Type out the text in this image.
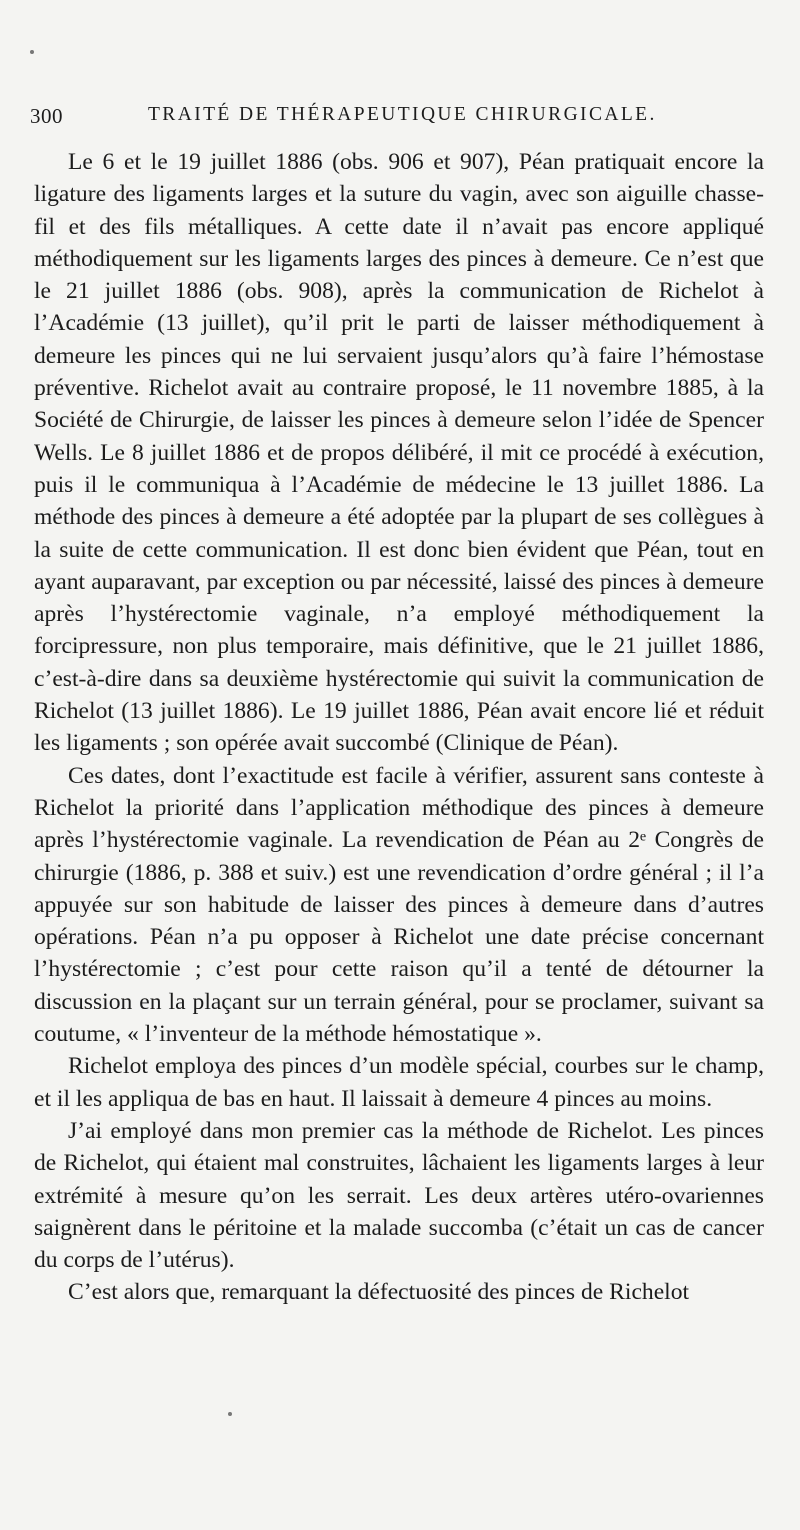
300	TRAITÉ DE THÉRAPEUTIQUE CHIRURGICALE.

Le 6 et le 19 juillet 1886 (obs. 906 et 907), Péan pratiquait encore la ligature des ligaments larges et la suture du vagin, avec son aiguille chasse-fil et des fils métalliques. A cette date il n’avait pas encore appliqué méthodiquement sur les ligaments larges des pinces à demeure. Ce n’est que le 21 juillet 1886 (obs. 908), après la communication de Richelot à l’Académie (13 juillet), qu’il prit le parti de laisser méthodiquement à demeure les pinces qui ne lui servaient jusqu’alors qu’à faire l’hémostase préventive. Richelot avait au contraire proposé, le 11 novembre 1885, à la Société de Chirurgie, de laisser les pinces à demeure selon l’idée de Spencer Wells. Le 8 juillet 1886 et de propos délibéré, il mit ce procédé à exécution, puis il le communiqua à l’Académie de médecine le 13 juillet 1886. La méthode des pinces à demeure a été adoptée par la plupart de ses collègues à la suite de cette communication. Il est donc bien évident que Péan, tout en ayant auparavant, par exception ou par nécessité, laissé des pinces à demeure après l’hystérectomie vaginale, n’a employé méthodiquement la forcipressure, non plus temporaire, mais définitive, que le 21 juillet 1886, c’est-à-dire dans sa deuxième hystérectomie qui suivit la communication de Richelot (13 juillet 1886). Le 19 juillet 1886, Péan avait encore lié et réduit les ligaments ; son opérée avait succombé (Clinique de Péan).

Ces dates, dont l’exactitude est facile à vérifier, assurent sans conteste à Richelot la priorité dans l’application méthodique des pinces à demeure après l’hystérectomie vaginale. La revendication de Péan au 2ᵉ Congrès de chirurgie (1886, p. 388 et suiv.) est une revendication d’ordre général ; il l’a appuyée sur son habitude de laisser des pinces à demeure dans d’autres opérations. Péan n’a pu opposer à Richelot une date précise concernant l’hystérectomie ; c’est pour cette raison qu’il a tenté de détourner la discussion en la plaçant sur un terrain général, pour se proclamer, suivant sa coutume, « l’inventeur de la méthode hémostatique ».

Richelot employa des pinces d’un modèle spécial, courbes sur le champ, et il les appliqua de bas en haut. Il laissait à demeure 4 pinces au moins.

J’ai employé dans mon premier cas la méthode de Richelot. Les pinces de Richelot, qui étaient mal construites, lâchaient les ligaments larges à leur extrémité à mesure qu’on les serrait. Les deux artères utéro-ovariennes saignèrent dans le péritoine et la malade succomba (c’était un cas de cancer du corps de l’utérus).

C’est alors que, remarquant la défectuosité des pinces de Richelot
